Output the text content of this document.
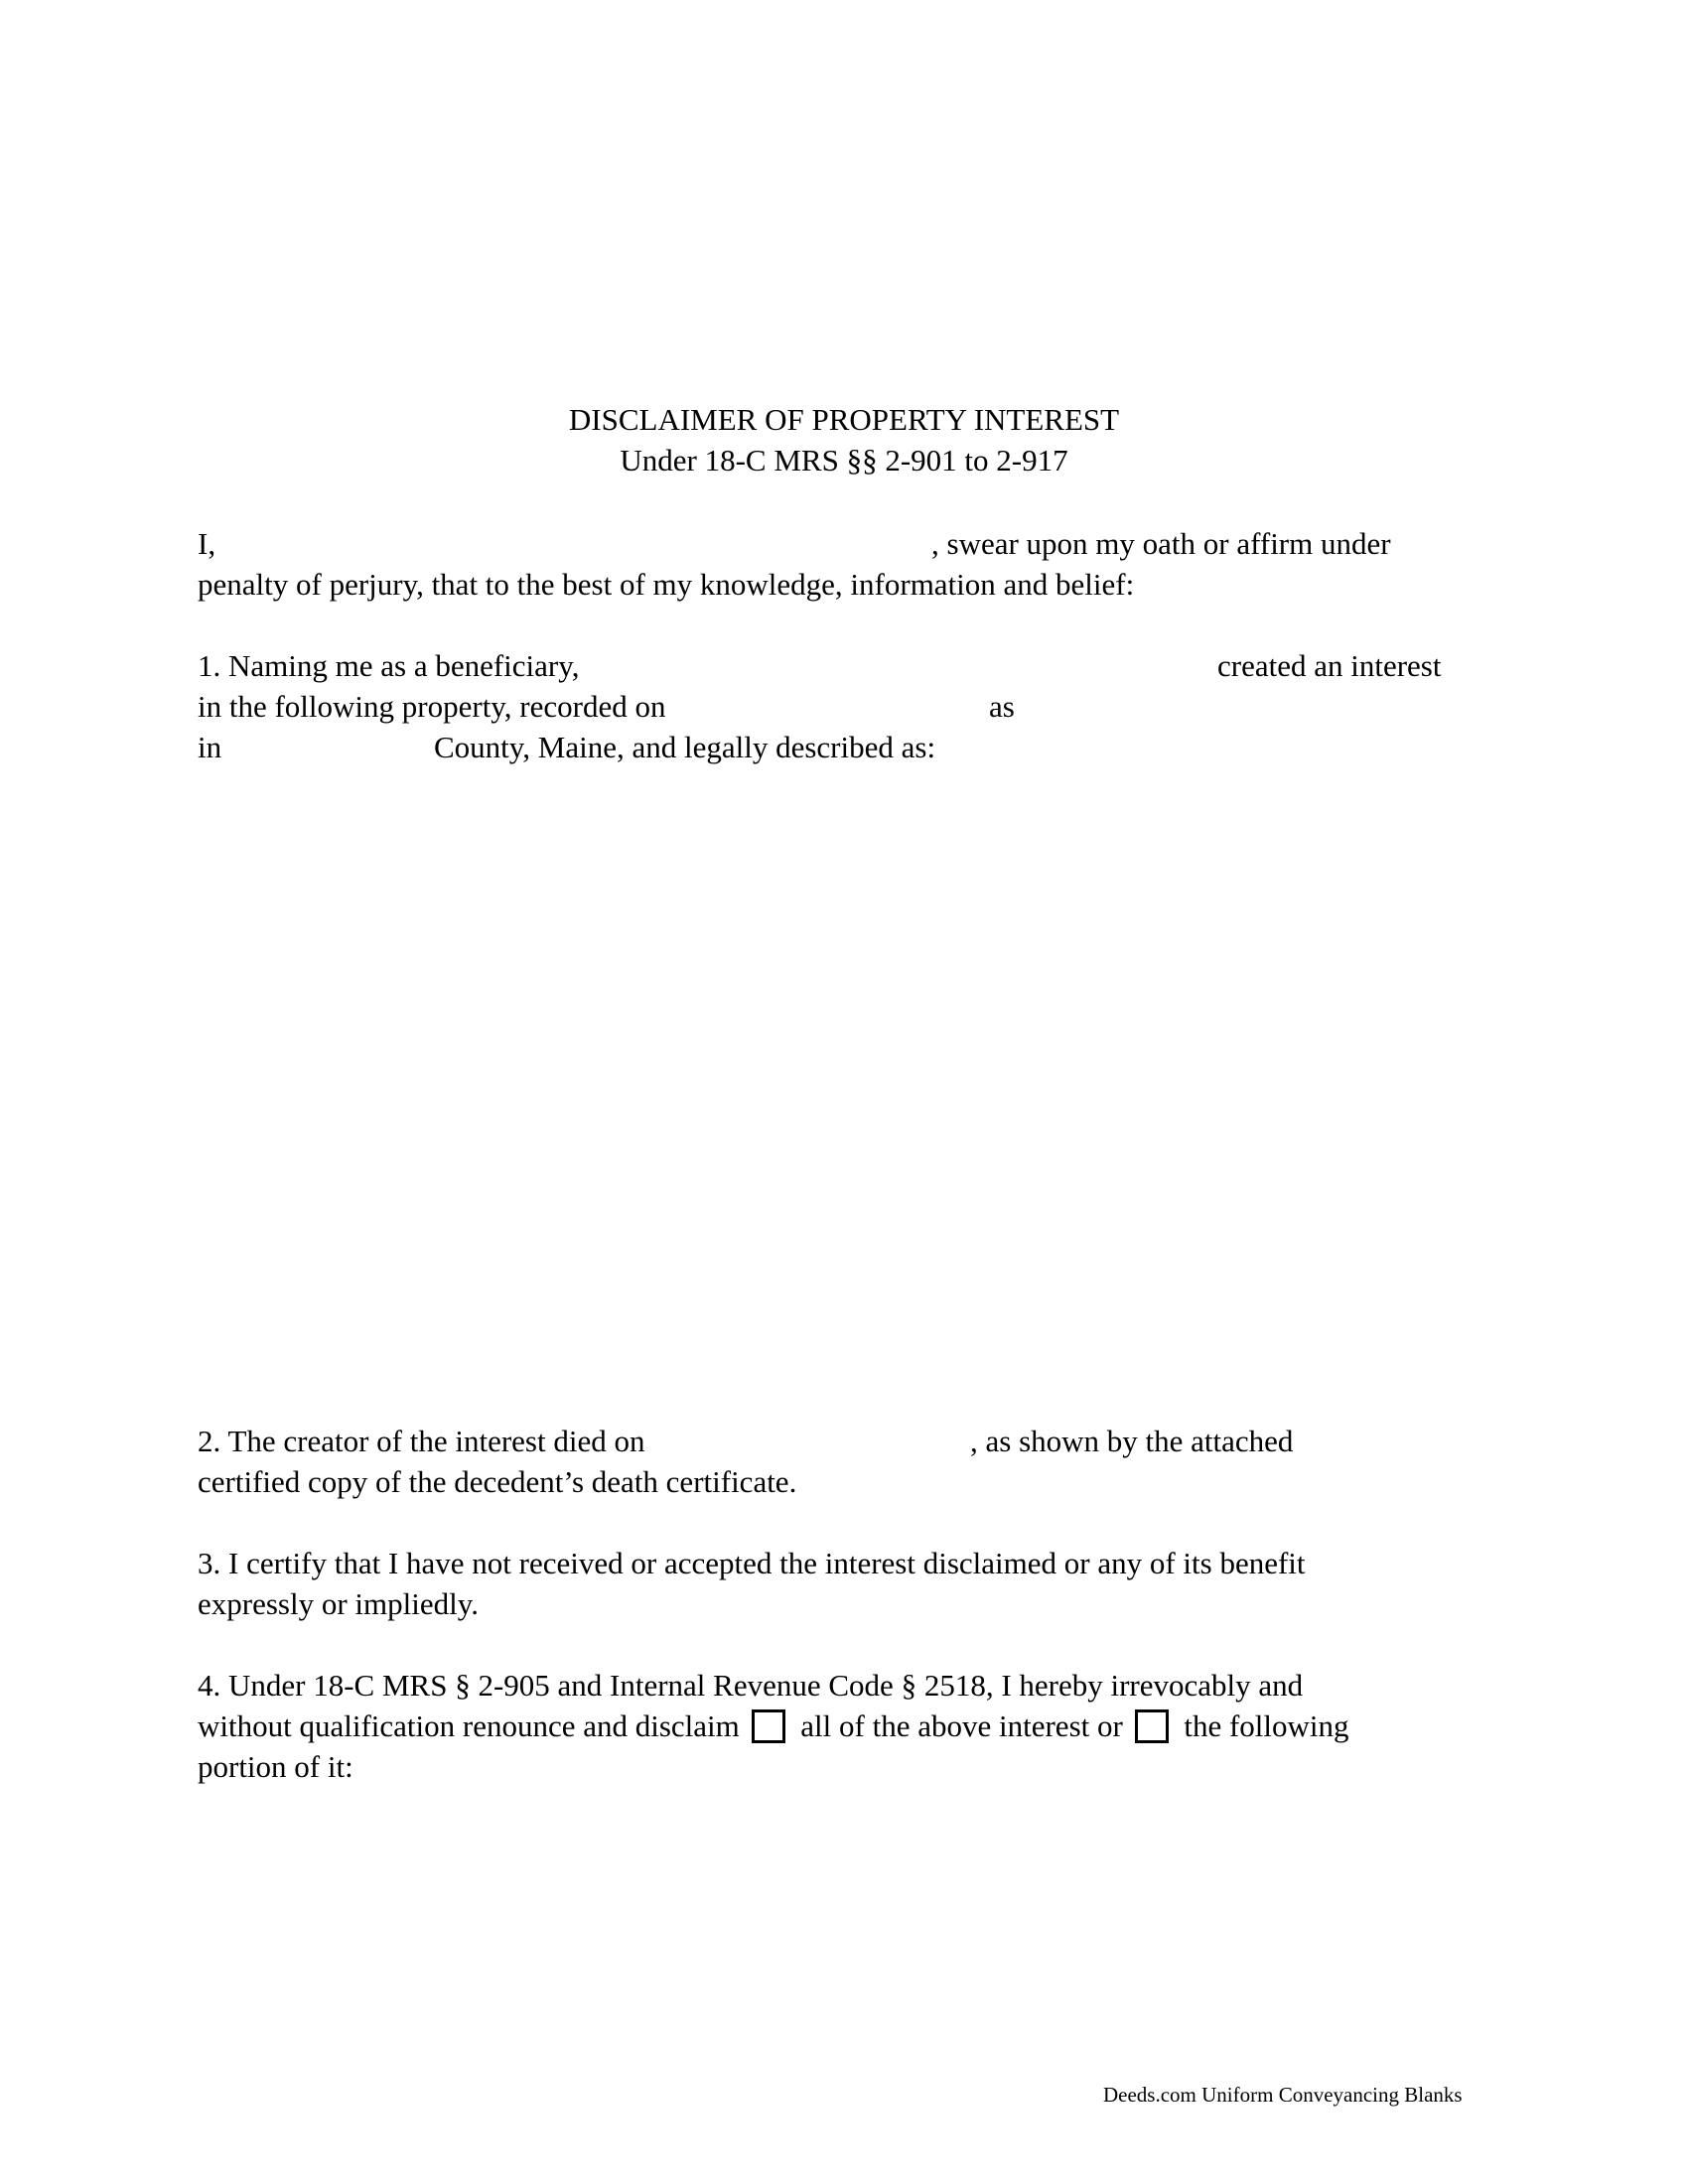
DISCLAIMER OF PROPERTY INTEREST
Under 18-C MRS §§ 2-901 to 2-917
I,	, swear upon my oath or affirm under
penalty of perjury, that to the best of my knowledge, information and belief:
1. Naming me as a beneficiary,	created an interest
in the following property, recorded on	as
in	County, Maine, and legally described as:
2. The creator of the interest died on	, as shown by the attached
certified copy of the decedent’s death certificate.
3. I certify that I have not received or accepted the interest disclaimed or any of its benefit
expressly or impliedly.
4. Under 18-C MRS § 2-905 and Internal Revenue Code § 2518, I hereby irrevocably and
without qualification renounce and disclaim all of the above interest or the following
portion of it:
Deeds.com Uniform Conveyancing Blanks
